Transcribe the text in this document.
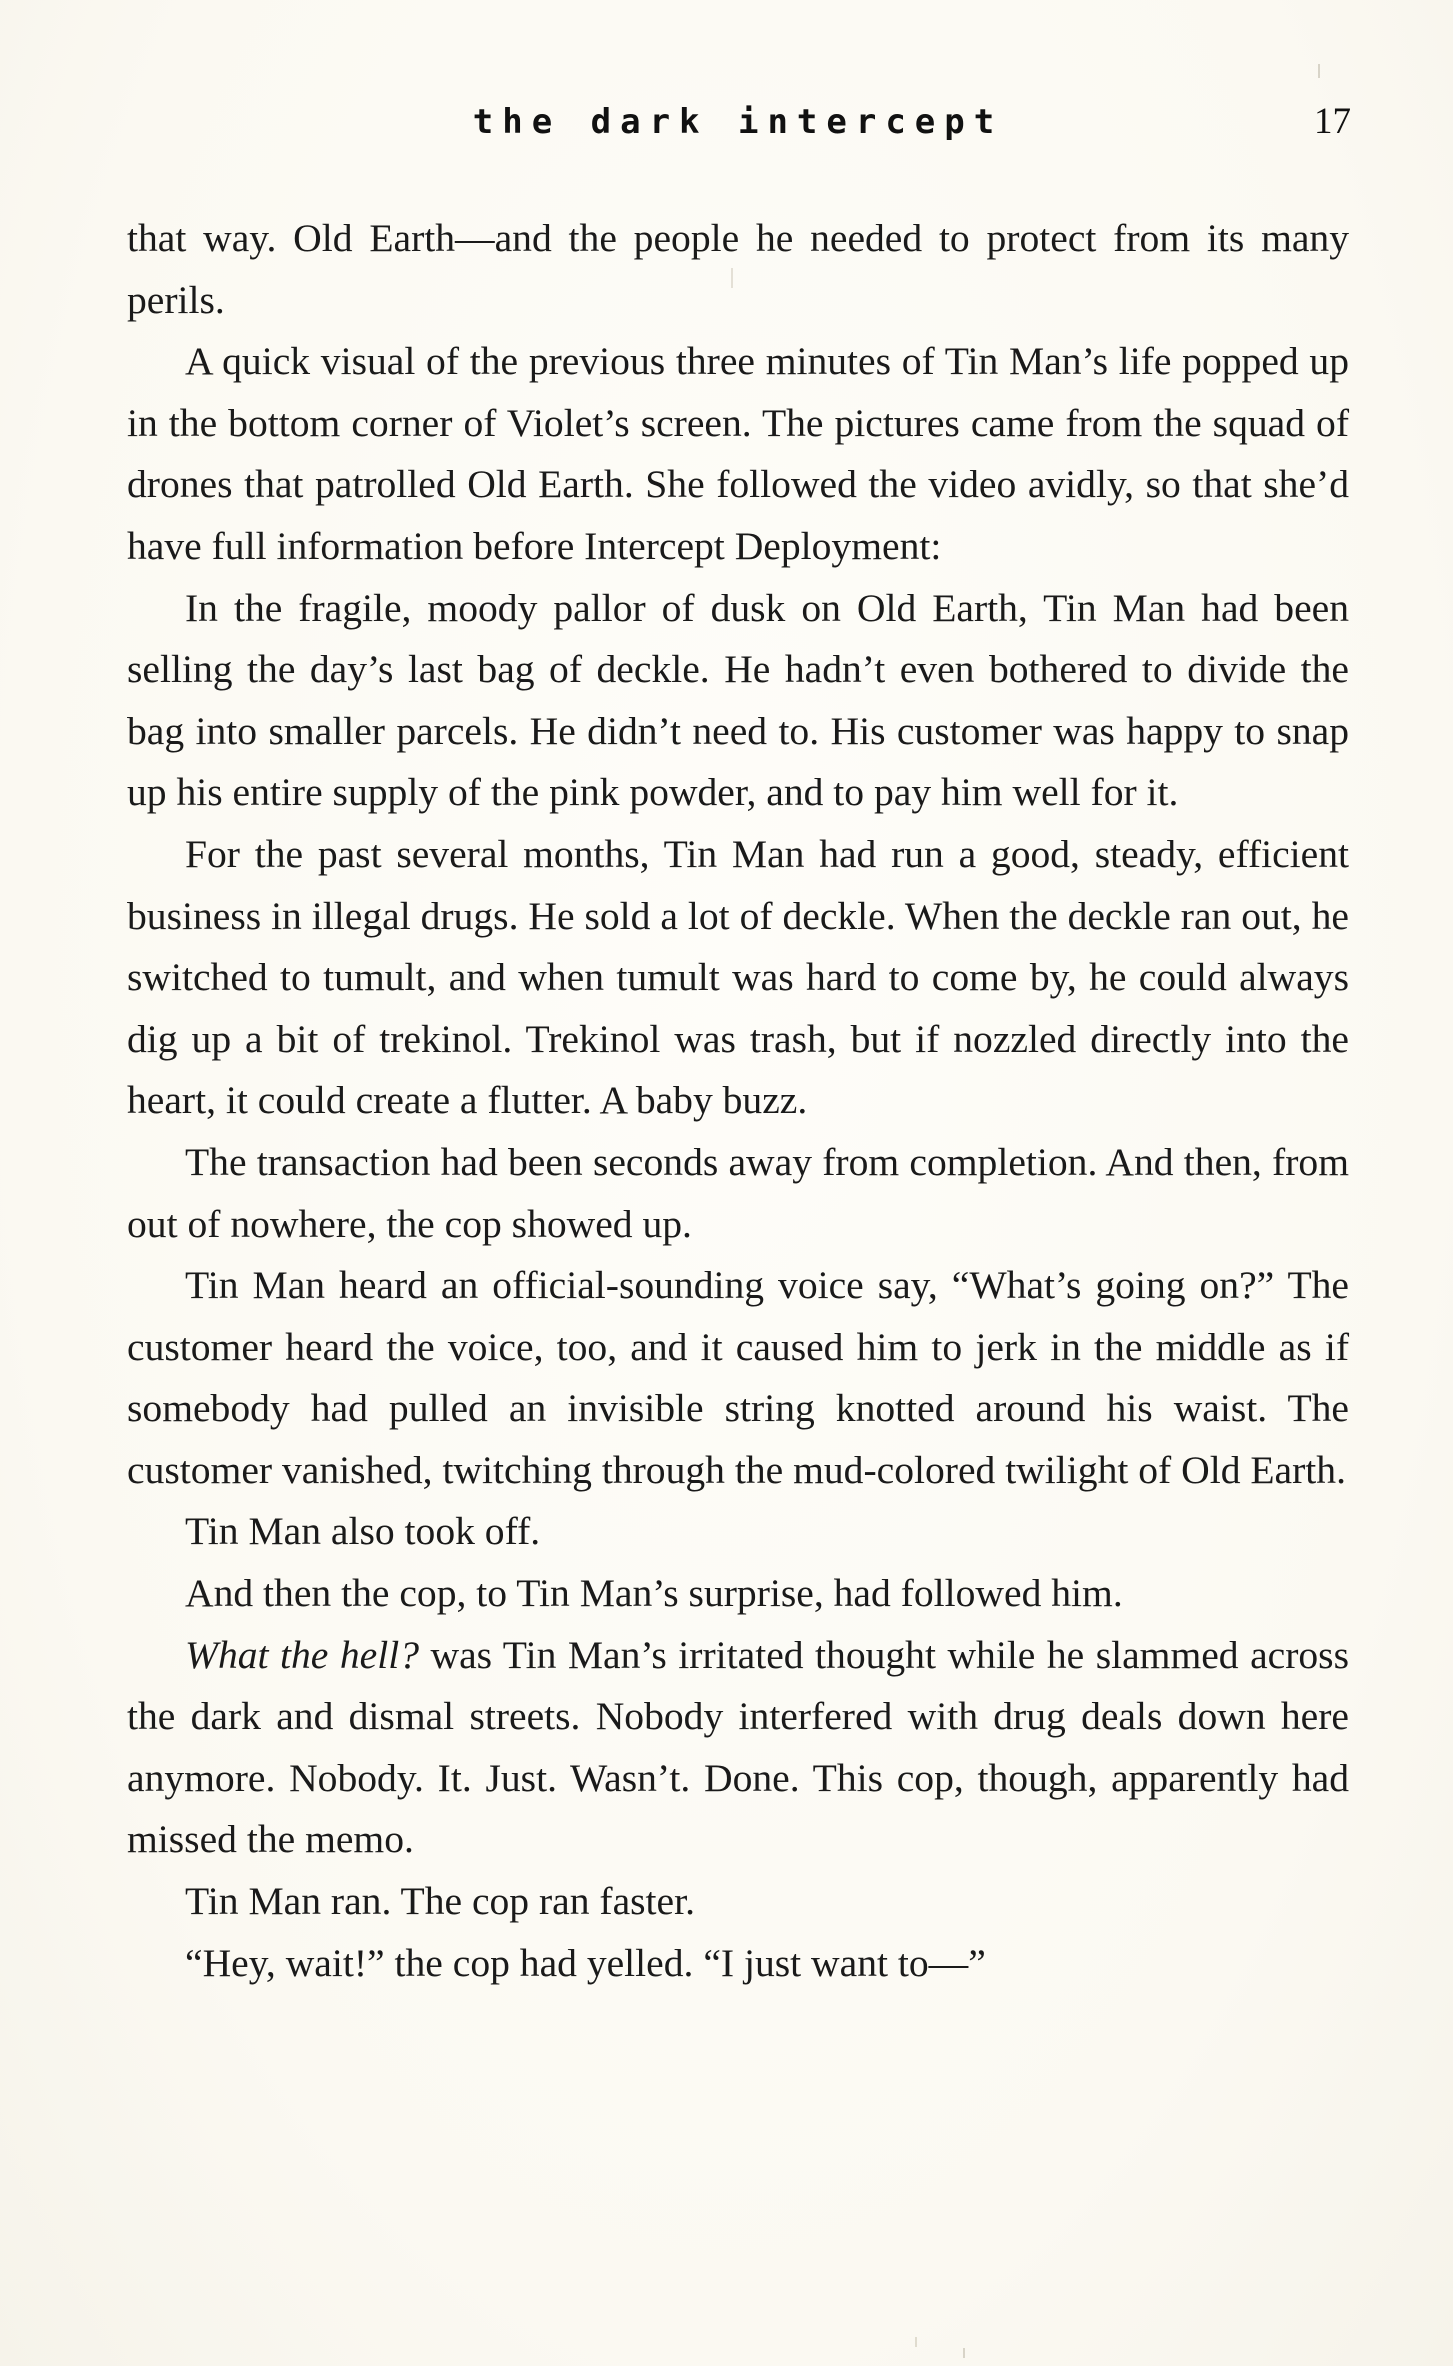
the dark intercept	17

that way. Old Earth—and the people he needed to protect from its many perils.

A quick visual of the previous three minutes of Tin Man’s life popped up in the bottom corner of Violet’s screen. The pictures came from the squad of drones that patrolled Old Earth. She followed the video avidly, so that she’d have full information before Intercept Deployment:

In the fragile, moody pallor of dusk on Old Earth, Tin Man had been selling the day’s last bag of deckle. He hadn’t even bothered to divide the bag into smaller parcels. He didn’t need to. His customer was happy to snap up his entire supply of the pink powder, and to pay him well for it.

For the past several months, Tin Man had run a good, steady, efficient business in illegal drugs. He sold a lot of deckle. When the deckle ran out, he switched to tumult, and when tumult was hard to come by, he could always dig up a bit of trekinol. Trekinol was trash, but if nozzled directly into the heart, it could create a flutter. A baby buzz.

The transaction had been seconds away from completion. And then, from out of nowhere, the cop showed up.

Tin Man heard an official-sounding voice say, “What’s going on?” The customer heard the voice, too, and it caused him to jerk in the middle as if somebody had pulled an invisible string knotted around his waist. The customer vanished, twitching through the mud-colored twilight of Old Earth.

Tin Man also took off.

And then the cop, to Tin Man’s surprise, had followed him.

What the hell? was Tin Man’s irritated thought while he slammed across the dark and dismal streets. Nobody interfered with drug deals down here anymore. Nobody. It. Just. Wasn’t. Done. This cop, though, apparently had missed the memo.

Tin Man ran. The cop ran faster.

“Hey, wait!” the cop had yelled. “I just want to—”
